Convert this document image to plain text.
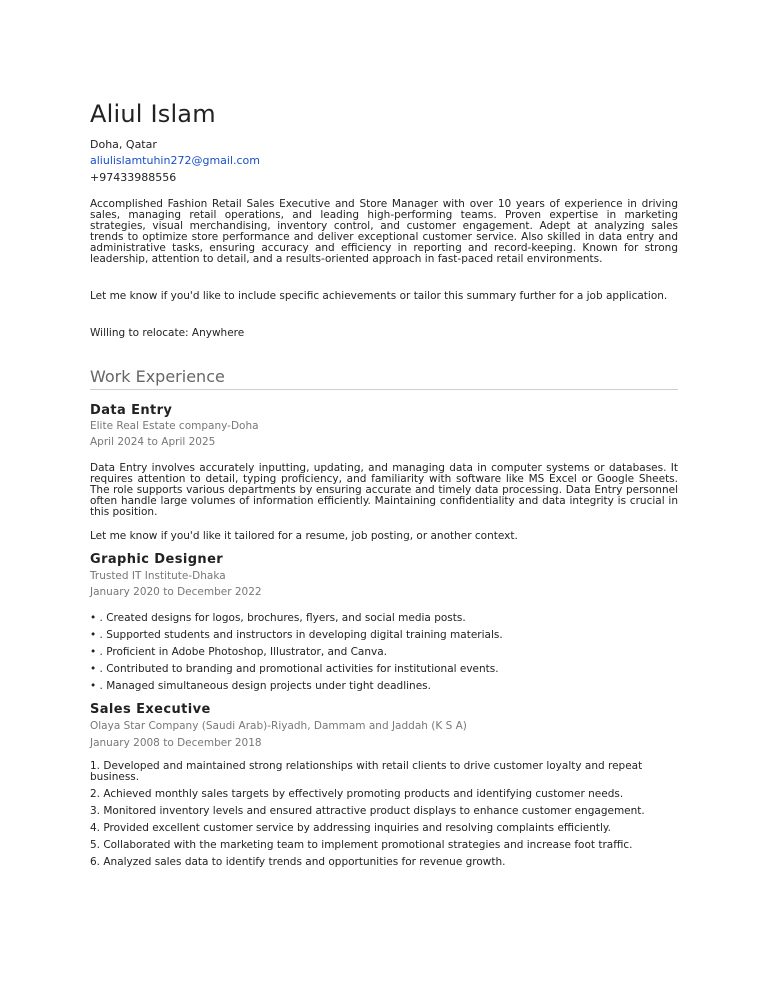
Aliul Islam
Doha, Qatar
aliulislamtuhin272@gmail.com
+97433988556
Accomplished Fashion Retail Sales Executive and Store Manager with over 10 years of experience in driving sales, managing retail operations, and leading high-performing teams. Proven expertise in marketing strategies, visual merchandising, inventory control, and customer engagement. Adept at analyzing sales trends to optimize store performance and deliver exceptional customer service. Also skilled in data entry and administrative tasks, ensuring accuracy and efficiency in reporting and record-keeping. Known for strong leadership, attention to detail, and a results-oriented approach in fast-paced retail environments.
Let me know if you'd like to include specific achievements or tailor this summary further for a job application.
Willing to relocate: Anywhere
Work Experience
Data Entry
Elite Real Estate company-Doha
April 2024 to April 2025
Data Entry involves accurately inputting, updating, and managing data in computer systems or databases. It requires attention to detail, typing proficiency, and familiarity with software like MS Excel or Google Sheets. The role supports various departments by ensuring accurate and timely data processing. Data Entry personnel often handle large volumes of information efficiently. Maintaining confidentiality and data integrity is crucial in this position.
Let me know if you'd like it tailored for a resume, job posting, or another context.
Graphic Designer
Trusted IT Institute-Dhaka
January 2020 to December 2022
• . Created designs for logos, brochures, flyers, and social media posts.
• . Supported students and instructors in developing digital training materials.
• . Proficient in Adobe Photoshop, Illustrator, and Canva.
• . Contributed to branding and promotional activities for institutional events.
• . Managed simultaneous design projects under tight deadlines.
Sales Executive
Olaya Star Company (Saudi Arab)-Riyadh, Dammam and Jaddah (K S A)
January 2008 to December 2018
1. Developed and maintained strong relationships with retail clients to drive customer loyalty and repeat business.
2. Achieved monthly sales targets by effectively promoting products and identifying customer needs.
3. Monitored inventory levels and ensured attractive product displays to enhance customer engagement.
4. Provided excellent customer service by addressing inquiries and resolving complaints efficiently.
5. Collaborated with the marketing team to implement promotional strategies and increase foot traffic.
6. Analyzed sales data to identify trends and opportunities for revenue growth.
